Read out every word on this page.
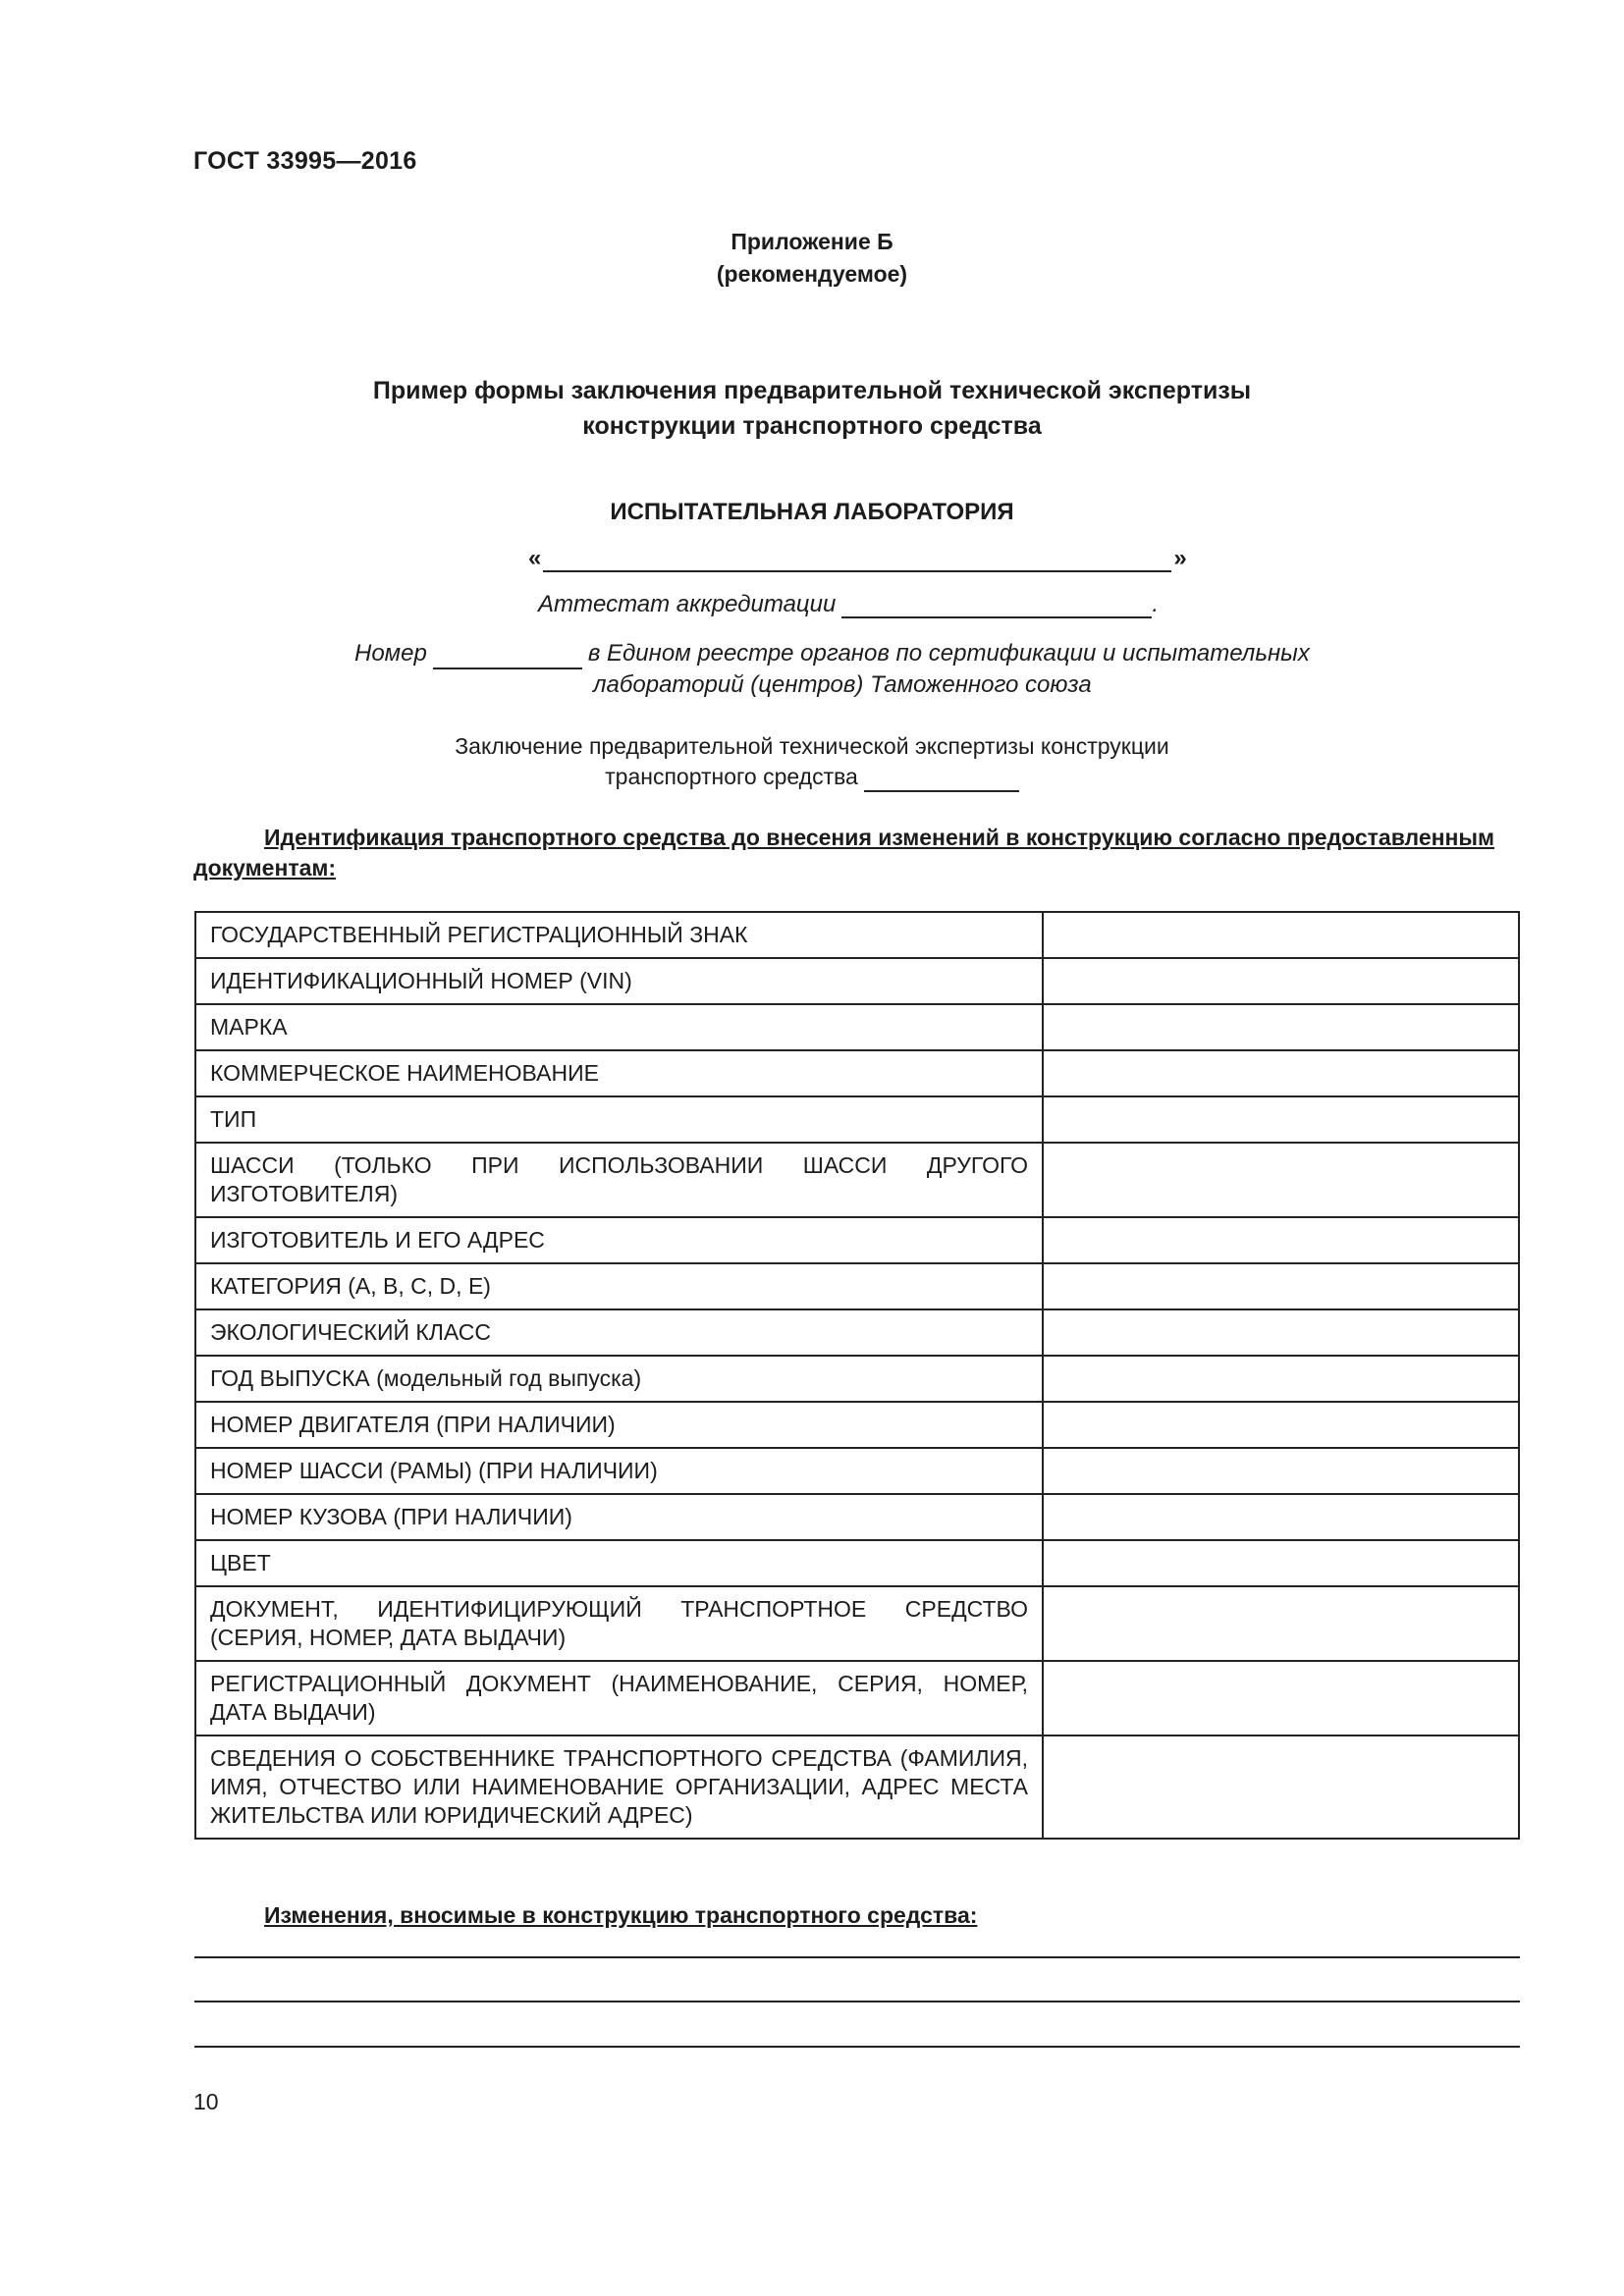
ГОСТ 33995—2016
Приложение Б
(рекомендуемое)
Пример формы заключения предварительной технической экспертизы
конструкции транспортного средства
ИСПЫТАТЕЛЬНАЯ ЛАБОРАТОРИЯ
«	»
Аттестат аккредитации	.
Номер	в Едином реестре органов по сертификации и испытательных
лабораторий (центров) Таможенного союза
Заключение предварительной технической экспертизы конструкции
транспортного средства
Идентификация транспортного средства до внесения изменений в конструкцию согласно предоставленным документам:
ГОСУДАРСТВЕННЫЙ РЕГИСТРАЦИОННЫЙ ЗНАК	
ИДЕНТИФИКАЦИОННЫЙ НОМЕР (VIN)	
МАРКА	
КОММЕРЧЕСКОЕ НАИМЕНОВАНИЕ	
ТИП	
ШАССИ (ТОЛЬКО ПРИ ИСПОЛЬЗОВАНИИ ШАССИ ДРУГОГО ИЗГОТОВИТЕЛЯ)	
ИЗГОТОВИТЕЛЬ И ЕГО АДРЕС	
КАТЕГОРИЯ (A, B, C, D, E)	
ЭКОЛОГИЧЕСКИЙ КЛАСС	
ГОД ВЫПУСКА (модельный год выпуска)	
НОМЕР ДВИГАТЕЛЯ (ПРИ НАЛИЧИИ)	
НОМЕР ШАССИ (РАМЫ) (ПРИ НАЛИЧИИ)	
НОМЕР КУЗОВА (ПРИ НАЛИЧИИ)	
ЦВЕТ	
ДОКУМЕНТ, ИДЕНТИФИЦИРУЮЩИЙ ТРАНСПОРТНОЕ СРЕДСТВО (СЕРИЯ, НОМЕР, ДАТА ВЫДАЧИ)	
РЕГИСТРАЦИОННЫЙ ДОКУМЕНТ (НАИМЕНОВАНИЕ, СЕРИЯ, НОМЕР, ДАТА ВЫДАЧИ)	
СВЕДЕНИЯ О СОБСТВЕННИКЕ ТРАНСПОРТНОГО СРЕДСТВА (ФАМИЛИЯ, ИМЯ, ОТЧЕСТВО ИЛИ НАИМЕНОВАНИЕ ОРГАНИЗАЦИИ, АДРЕС МЕСТА ЖИТЕЛЬСТВА ИЛИ ЮРИДИЧЕСКИЙ АДРЕС)	
Изменения, вносимые в конструкцию транспортного средства:
10
